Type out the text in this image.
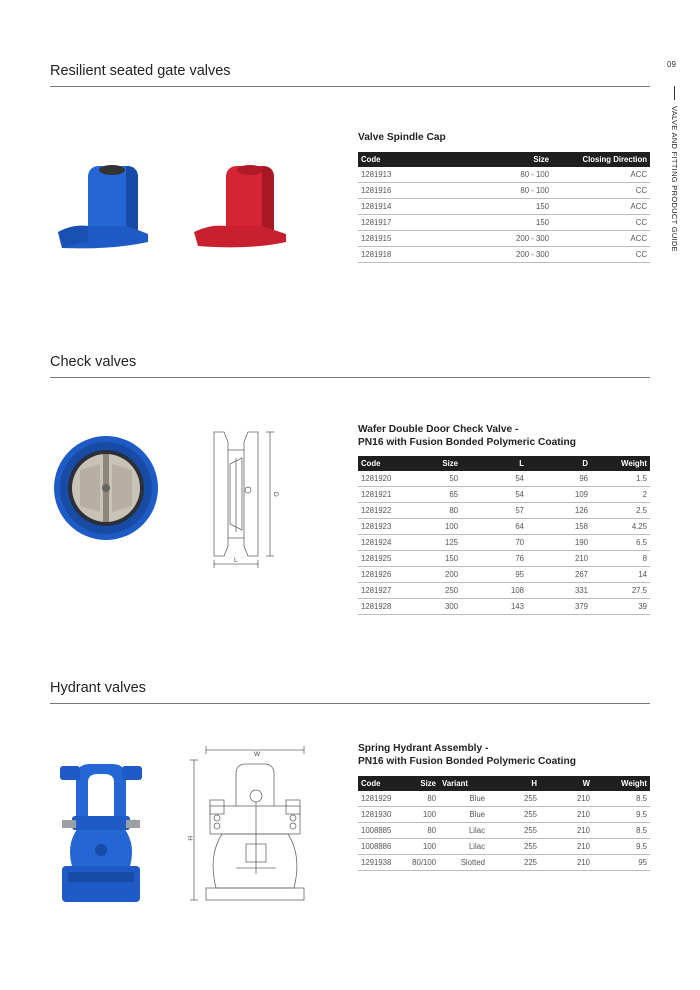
09
VALVE AND FITTING PRODUCT GUIDE
Resilient seated gate valves
Valve Spindle Cap
Code	Size	Closing Direction
1281913	80 - 100	ACC
1281916	80 - 100	CC
1281914	150	ACC
1281917	150	CC
1281915	200 - 300	ACC
1281918	200 - 300	CC
Check valves
L
D
Wafer Double Door Check Valve -
PN16 with Fusion Bonded Polymeric Coating
Code	Size	L	D	Weight
1281920	50	54	96	1.5
1281921	65	54	109	2
1281922	80	57	126	2.5
1281923	100	64	158	4.25
1281924	125	70	190	6.5
1281925	150	76	210	8
1281926	200	95	267	14
1281927	250	108	331	27.5
1281928	300	143	379	39
Hydrant valves
W
H
Spring Hydrant Assembly -
PN16 with Fusion Bonded Polymeric Coating
Code	Size	Variant	H	W	Weight
1281929	80	Blue	255	210	8.5
1281930	100	Blue	255	210	9.5
1008885	80	Lilac	255	210	8.5
1008886	100	Lilac	255	210	9.5
1291938	80/100	Slotted	225	210	95
